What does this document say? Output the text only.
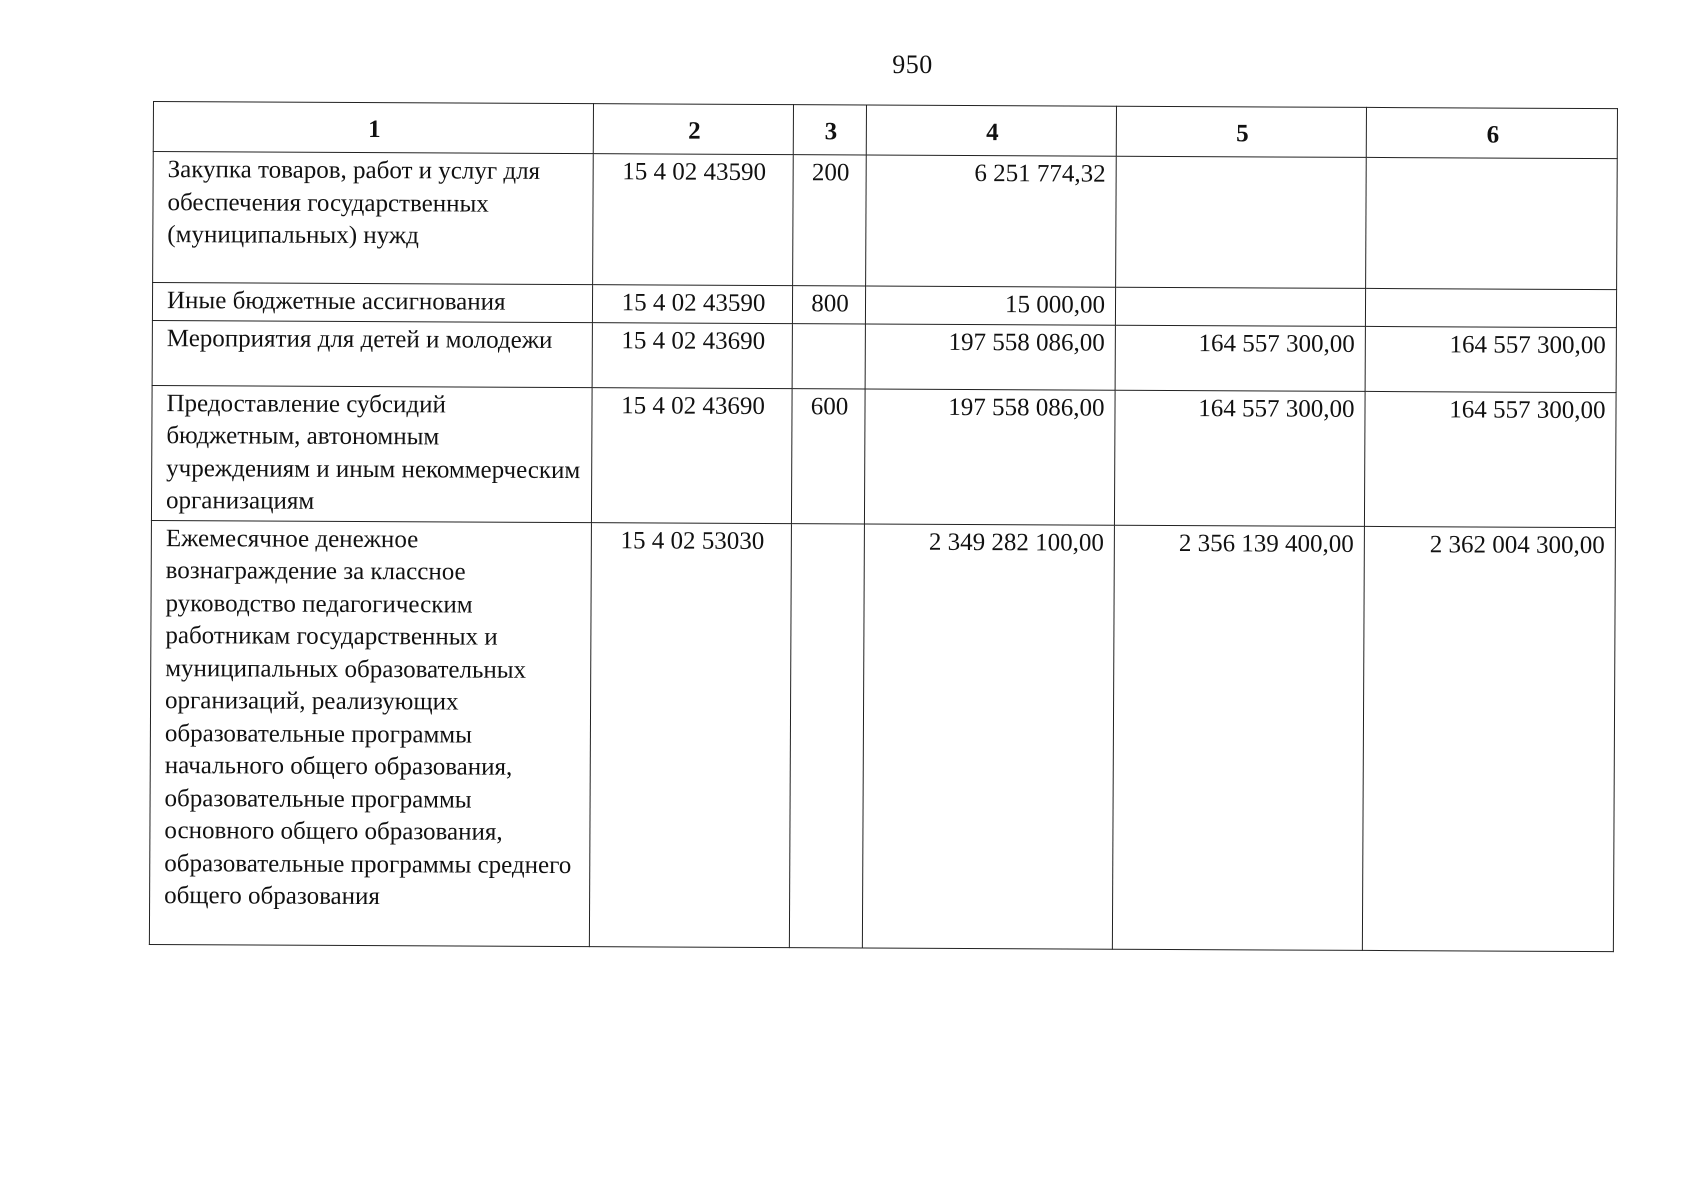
950
1	2	3	4	5	6
Закупка товаров, работ и услуг для обеспечения государственных (муниципальных) нужд	15 4 02 43590	200	6 251 774,32		
Иные бюджетные ассигнования	15 4 02 43590	800	15 000,00		
Мероприятия для детей и молодежи	15 4 02 43690		197 558 086,00	164 557 300,00	164 557 300,00
Предоставление субсидий бюджетным, автономным учреждениям и иным некоммерческим организациям	15 4 02 43690	600	197 558 086,00	164 557 300,00	164 557 300,00
Ежемесячное денежное вознаграждение за классное руководство педагогическим работникам государственных и муниципальных образовательных организаций, реализующих образовательные программы начального общего образования, образовательные программы основного общего образования, образовательные программы среднего общего образования	15 4 02 53030		2 349 282 100,00	2 356 139 400,00	2 362 004 300,00
